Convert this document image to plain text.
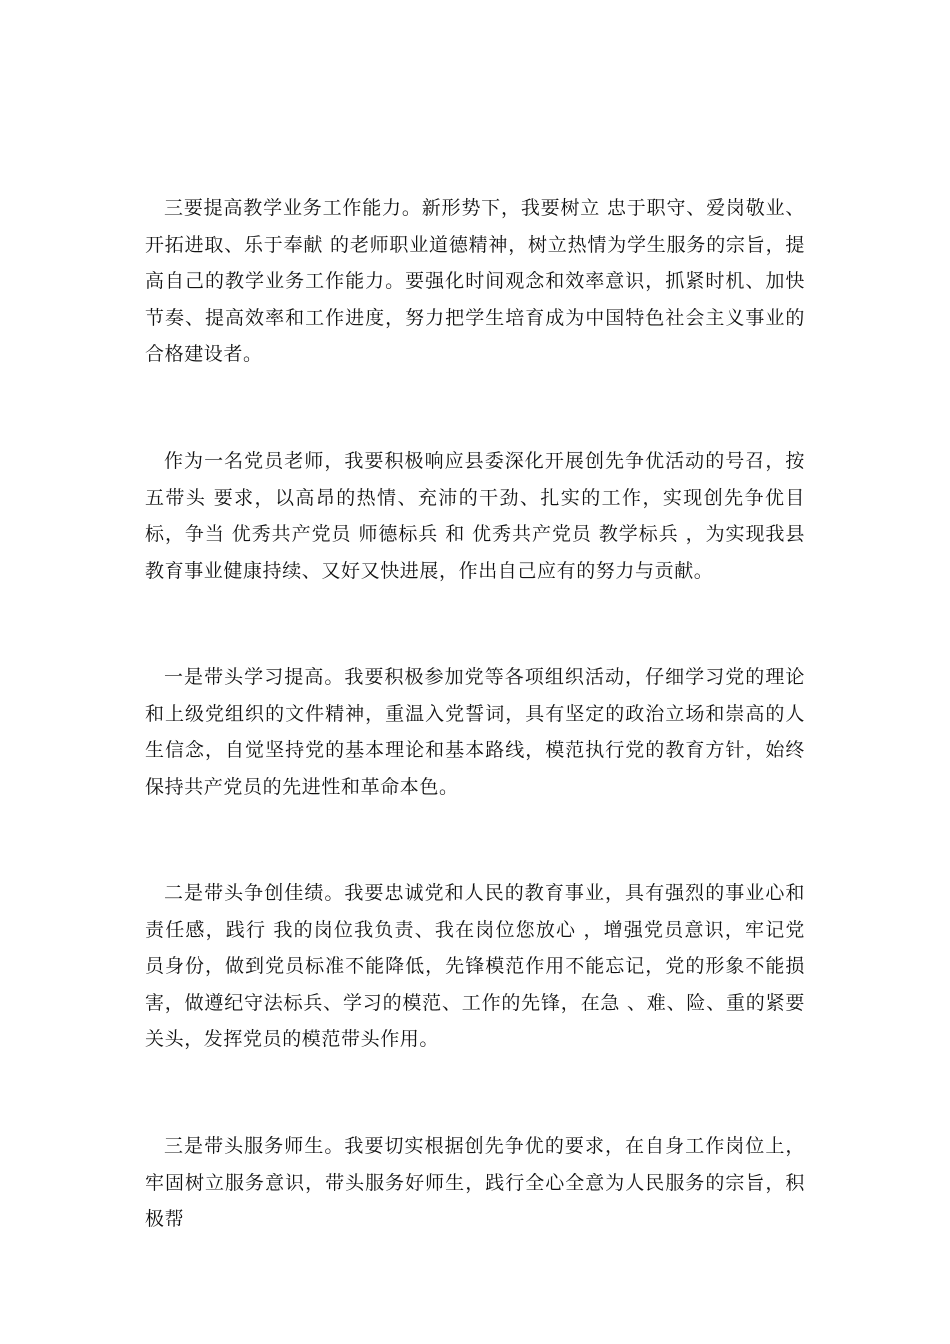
三要提高教学业务工作能力。新形势下，我要树立 忠于职守、爱岗敬业、开拓进取、乐于奉献 的老师职业道德精神，树立热情为学生服务的宗旨，提高自己的教学业务工作能力。要强化时间观念和效率意识，抓紧时机、加快节奏、提高效率和工作进度，努力把学生培育成为中国特色社会主义事业的合格建设者。

作为一名党员老师，我要积极响应县委深化开展创先争优活动的号召，按 五带头 要求，以高昂的热情、充沛的干劲、扎实的工作，实现创先争优目标，争当 优秀共产党员 师德标兵 和 优秀共产党员 教学标兵 ，为实现我县教育事业健康持续、又好又快进展，作出自己应有的努力与贡献。

一是带头学习提高。我要积极参加党等各项组织活动，仔细学习党的理论和上级党组织的文件精神，重温入党誓词，具有坚定的政治立场和崇高的人生信念，自觉坚持党的基本理论和基本路线，模范执行党的教育方针，始终保持共产党员的先进性和革命本色。

二是带头争创佳绩。我要忠诚党和人民的教育事业，具有强烈的事业心和责任感，践行 我的岗位我负责、我在岗位您放心 ，增强党员意识，牢记党员身份，做到党员标准不能降低，先锋模范作用不能忘记，党的形象不能损害，做遵纪守法标兵、学习的模范、工作的先锋，在急 、难、险、重的紧要关头，发挥党员的模范带头作用。

三是带头服务师生。我要切实根据创先争优的要求，在自身工作岗位上，牢固树立服务意识，带头服务好师生，践行全心全意为人民服务的宗旨，积极帮
